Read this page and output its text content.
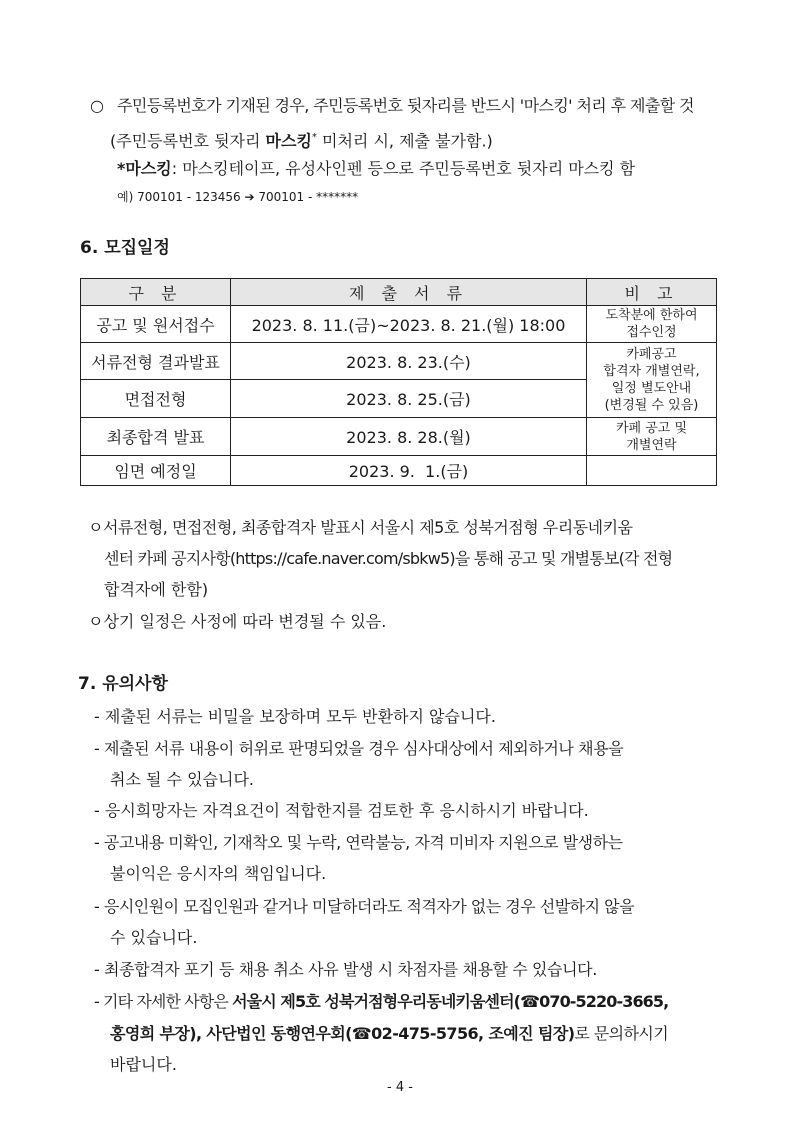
○ 주민등록번호가 기재된 경우, 주민등록번호 뒷자리를 반드시 '마스킹' 처리 후 제출할 것
(주민등록번호 뒷자리 마스킹* 미처리 시, 제출 불가함.)
*마스킹: 마스킹테이프, 유성사인펜 등으로 주민등록번호 뒷자리 마스킹 함
예) 700101 - 123456 ➔ 700101 - *******
6. 모집일정
구 분	제 출 서 류	비 고
공고 및 원서접수	2023. 8. 11.(금)~2023. 8. 21.(월) 18:00	도착분에 한하여
접수인정

서류전형 결과발표	2023. 8. 23.(수)	카페공고
합격자 개별연락,
일정 별도안내
(변경될 수 있음)

면접전형	2023. 8. 25.(금)	
최종합격 발표	2023. 8. 28.(월)	카페 공고 및
개별연락

임면 예정일	2023. 9.  1.(금)	
ㅇ서류전형, 면접전형, 최종합격자 발표시 서울시 제5호 성북거점형 우리동네키움
센터 카페 공지사항(https://cafe.naver.com/sbkw5)을 통해 공고 및 개별통보(각 전형
합격자에 한함)
ㅇ상기 일정은 사정에 따라 변경될 수 있음.
7. 유의사항
- 제출된 서류는 비밀을 보장하며 모두 반환하지 않습니다.
- 제출된 서류 내용이 허위로 판명되었을 경우 심사대상에서 제외하거나 채용을
취소 될 수 있습니다.
- 응시희망자는 자격요건이 적합한지를 검토한 후 응시하시기 바랍니다.
- 공고내용 미확인, 기재착오 및 누락, 연락불능, 자격 미비자 지원으로 발생하는
불이익은 응시자의 책임입니다.
- 응시인원이 모집인원과 같거나 미달하더라도 적격자가 없는 경우 선발하지 않을
수 있습니다.
- 최종합격자 포기 등 채용 취소 사유 발생 시 차점자를 채용할 수 있습니다.
- 기타 자세한 사항은 서울시 제5호 성북거점형우리동네키움센터(☎070-5220-3665,
홍영희 부장), 사단법인 동행연우회(☎02-475-5756, 조예진 팀장)로 문의하시기
바랍니다.
- 4 -
